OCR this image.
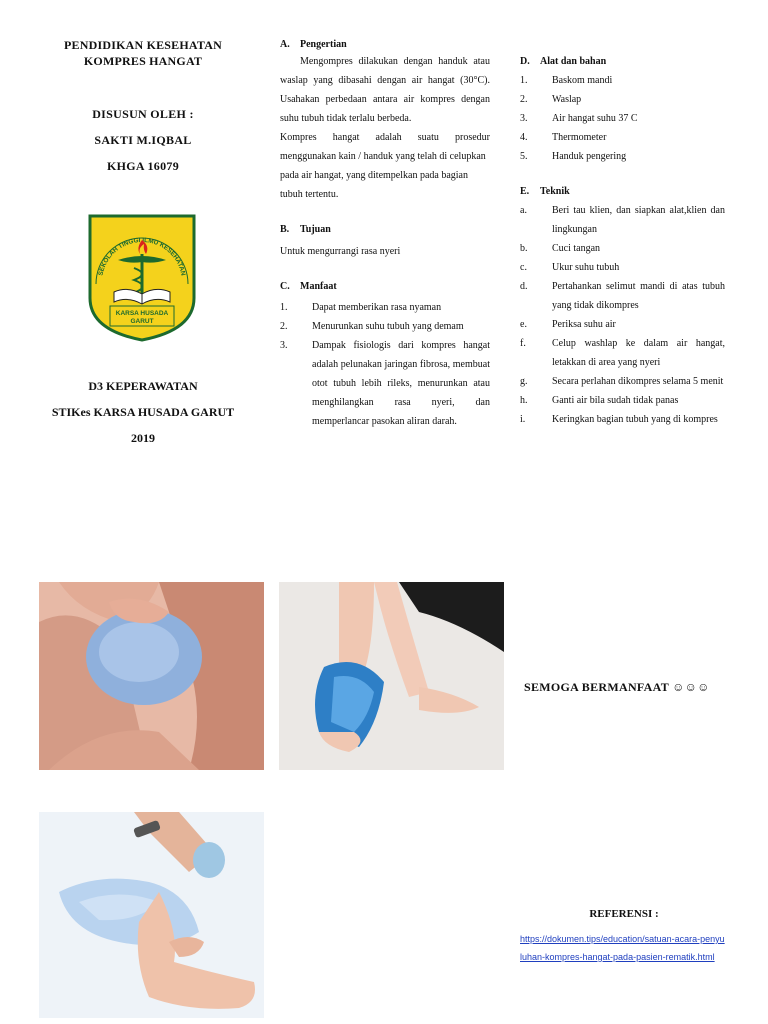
PENDIDIKAN KESEHATAN
KOMPRES HANGAT
DISUSUN OLEH :
SAKTI M.IQBAL
KHGA 16079
SEKOLAH TINGGI ILMU KESEHATAN
KARSA HUSADA
GARUT
D3 KEPERAWATAN
STIKes KARSA HUSADA GARUT
2019
A. Pengertian

Mengompres dilakukan dengan handuk atau waslap yang dibasahi dengan air hangat (30°C). Usahakan perbedaan antara air kompres dengan suhu tubuh tidak terlalu berbeda.

Kompres hangat adalah suatu prosedur menggunakan kain / handuk yang telah di celupkan

pada air hangat, yang ditempelkan pada bagian tubuh tertentu.

B. Tujuan

Untuk mengurrangi rasa nyeri

C. Manfaat
1. Dapat memberikan rasa nyaman
2. Menurunkan suhu tubuh yang demam
3. Dampak fisiologis dari kompres hangat adalah pelunakan jaringan fibrosa, membuat otot tubuh lebih rileks, menurunkan atau menghilangkan rasa nyeri, dan memperlancar pasokan aliran darah.
D. Alat dan bahan
1. Baskom mandi
2. Waslap
3. Air hangat suhu 37 C
4. Thermometer
5. Handuk pengering
E. Teknik
a.	Beri tau klien, dan siapkan alat,klien dan lingkungan
b. Cuci tangan
c.	Ukur suhu tubuh
d. Pertahankan selimut mandi di atas tubuh yang tidak dikompres
e.	Periksa suhu air
f.	Celup washlap ke dalam air hangat, letakkan di area yang nyeri
g. Secara perlahan dikompres selama 5 menit
h. Ganti air bila sudah tidak panas
i.	Keringkan bagian tubuh yang di kompres
SEMOGA BERMANFAAT ☺☺☺
REFERENSI :
https://dokumen.tips/education/satuan-acara-penyuluhan-kompres-hangat-pada-pasien-rematik.html
